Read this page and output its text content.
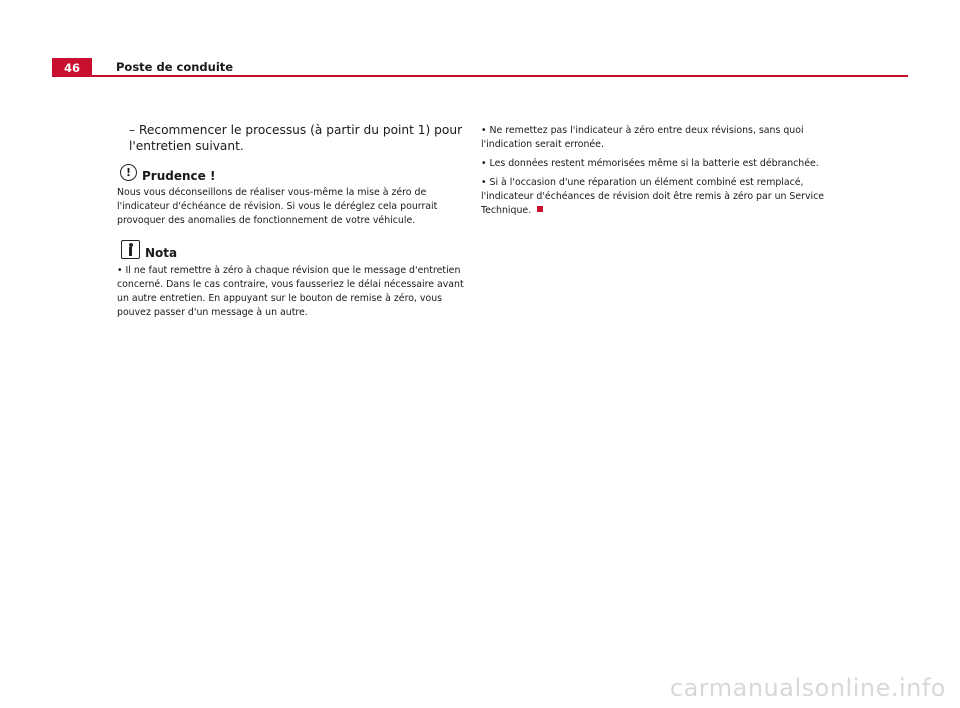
46	Poste de conduite

– Recommencer le processus (à partir du point 1) pour l'entretien suivant.

! Prudence !

Nous vous déconseillons de réaliser vous-même la mise à zéro de l'indicateur d'échéance de révision. Si vous le déréglez cela pourrait provoquer des anomalies de fonctionnement de votre véhicule.

Nota

• Il ne faut remettre à zéro à chaque révision que le message d'entretien concerné. Dans le cas contraire, vous fausseriez le délai nécessaire avant un autre entretien. En appuyant sur le bouton de remise à zéro, vous pouvez passer d'un message à un autre.

• Ne remettez pas l'indicateur à zéro entre deux révisions, sans quoi l'indication serait erronée.

• Les données restent mémorisées même si la batterie est débranchée.

• Si à l'occasion d'une réparation un élément combiné est remplacé, l'indicateur d'échéances de révision doit être remis à zéro par un Service Technique.

carmanualsonline.info
